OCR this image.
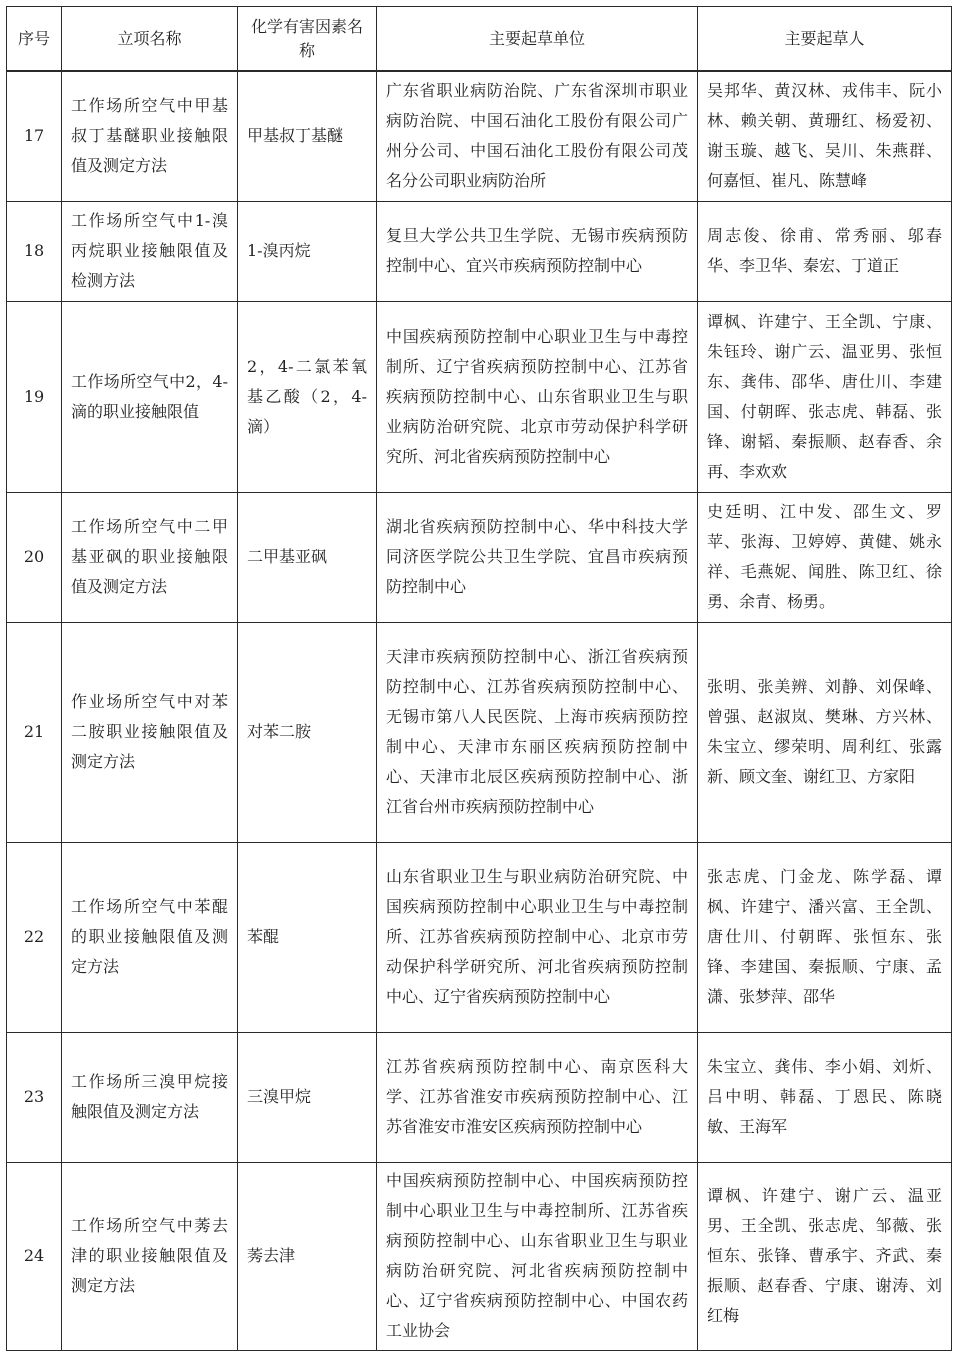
序号	立项名称	化学有害因素名称	主要起草单位	主要起草人
17	工作场所空气中甲基叔丁基醚职业接触限值及测定方法	甲基叔丁基醚	广东省职业病防治院、广东省深圳市职业病防治院、中国石油化工股份有限公司广州分公司、中国石油化工股份有限公司茂名分公司职业病防治所	吴邦华、黄汉林、戎伟丰、阮小林、赖关朝、黄珊红、杨爱初、谢玉璇、越飞、吴川、朱燕群、何嘉恒、崔凡、陈慧峰
18	工作场所空气中1-溴丙烷职业接触限值及检测方法	1-溴丙烷	复旦大学公共卫生学院、无锡市疾病预防控制中心、宜兴市疾病预防控制中心	周志俊、徐甫、常秀丽、邬春华、李卫华、秦宏、丁道正
19	工作场所空气中2，4-滴的职业接触限值	2，4-二氯苯氧基乙酸（2，4-滴）	中国疾病预防控制中心职业卫生与中毒控制所、辽宁省疾病预防控制中心、江苏省疾病预防控制中心、山东省职业卫生与职业病防治研究院、北京市劳动保护科学研究所、河北省疾病预防控制中心	谭枫、许建宁、王全凯、宁康、朱钰玲、谢广云、温亚男、张恒东、龚伟、邵华、唐仕川、李建国、付朝晖、张志虎、韩磊、张锋、谢韬、秦振顺、赵春香、余再、李欢欢
20	工作场所空气中二甲基亚砜的职业接触限值及测定方法	二甲基亚砜	湖北省疾病预防控制中心、华中科技大学同济医学院公共卫生学院、宜昌市疾病预防控制中心	史廷明、江中发、邵生文、罗苹、张海、卫婷婷、黄健、姚永祥、毛燕妮、闻胜、陈卫红、徐勇、余青、杨勇。
21	作业场所空气中对苯二胺职业接触限值及测定方法	对苯二胺	天津市疾病预防控制中心、浙江省疾病预防控制中心、江苏省疾病预防控制中心、无锡市第八人民医院、上海市疾病预防控制中心、天津市东丽区疾病预防控制中心、天津市北辰区疾病预防控制中心、浙江省台州市疾病预防控制中心	张明、张美辨、刘静、刘保峰、曾强、赵淑岚、樊琳、方兴林、朱宝立、缪荣明、周利红、张露新、顾文奎、谢红卫、方家阳
22	工作场所空气中苯醌的职业接触限值及测定方法	苯醌	山东省职业卫生与职业病防治研究院、中国疾病预防控制中心职业卫生与中毒控制所、江苏省疾病预防控制中心、北京市劳动保护科学研究所、河北省疾病预防控制中心、辽宁省疾病预防控制中心	张志虎、门金龙、陈学磊、谭枫、许建宁、潘兴富、王全凯、唐仕川、付朝晖、张恒东、张锋、李建国、秦振顺、宁康、孟潇、张梦萍、邵华
23	工作场所三溴甲烷接触限值及测定方法	三溴甲烷	江苏省疾病预防控制中心、南京医科大学、江苏省淮安市疾病预防控制中心、江苏省淮安市淮安区疾病预防控制中心	朱宝立、龚伟、李小娟、刘炘、吕中明、韩磊、丁恩民、陈晓敏、王海军
24	工作场所空气中莠去津的职业接触限值及测定方法	莠去津	中国疾病预防控制中心、中国疾病预防控制中心职业卫生与中毒控制所、江苏省疾病预防控制中心、山东省职业卫生与职业病防治研究院、河北省疾病预防控制中心、辽宁省疾病预防控制中心、中国农药工业协会	谭枫、许建宁、谢广云、温亚男、王全凯、张志虎、邹薇、张恒东、张锋、曹承宇、齐武、秦振顺、赵春香、宁康、谢涛、刘红梅
